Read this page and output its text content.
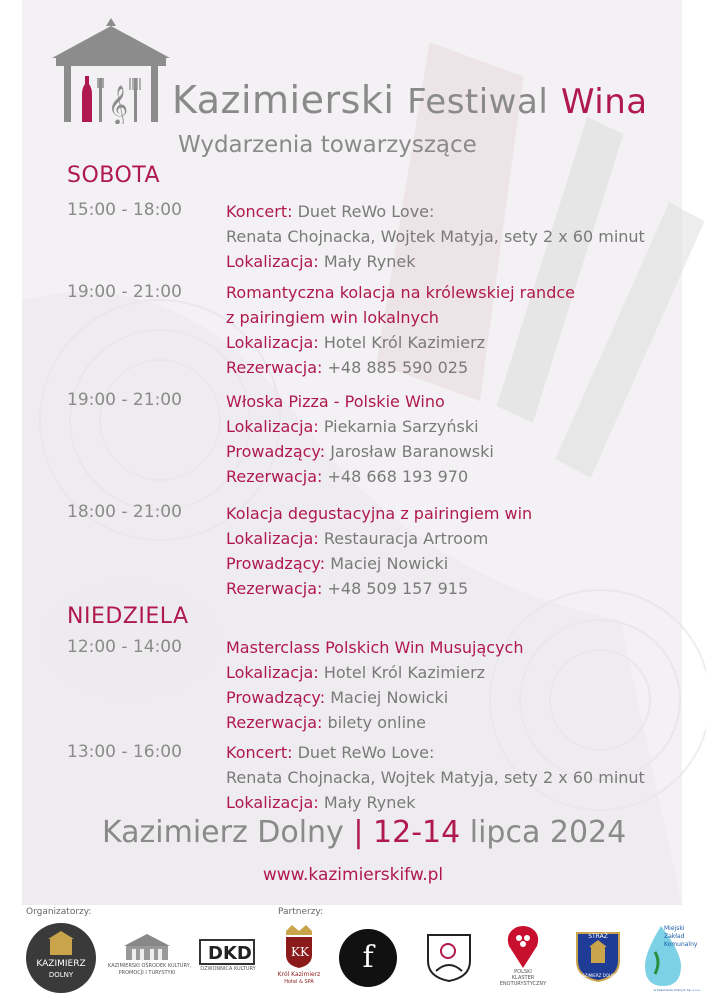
𝄞 Kazimierski Festiwal Wina
Wydarzenia towarzyszące
SOBOTA
15:00 - 18:00	Koncert: Duet ReWo Love:
Renata Chojnacka, Wojtek Matyja, sety 2 x 60 minut
Lokalizacja: Mały Rynek
19:00 - 21:00	Romantyczna kolacja na królewskiej randce
z pairingiem win lokalnych
Lokalizacja: Hotel Król Kazimierz
Rezerwacja: +48 885 590 025
19:00 - 21:00	Włoska Pizza - Polskie Wino
Lokalizacja: Piekarnia Sarzyński
Prowadzący: Jarosław Baranowski
Rezerwacja: +48 668 193 970
18:00 - 21:00	Kolacja degustacyjna z pairingiem win
Lokalizacja: Restauracja Artroom
Prowadzący: Maciej Nowicki
Rezerwacja: +48 509 157 915
NIEDZIELA
12:00 - 14:00	Masterclass Polskich Win Musujących
Lokalizacja: Hotel Król Kazimierz
Prowadzący: Maciej Nowicki
Rezerwacja: bilety online
13:00 - 16:00	Koncert: Duet ReWo Love:
Renata Chojnacka, Wojtek Matyja, sety 2 x 60 minut
Lokalizacja: Mały Rynek
Kazimierz Dolny | 12-14 lipca 2024
www.kazimierskifw.pl
Organizatorzy:	Partnerzy:
KAZIMIERZ
DOLNY
KAZIMIERSKI OŚRODEK KULTURY,
PROMOCJI I TURYSTYKI
DKD
DZWONNICA KULTURY
KK
Król Kazimierz
Hotel & SPA
f	POLSKI
KLASTER
ENOTURYSTYCZNY
STRAŻ
KAZIMIERZ DOLNY
Miejski
Zakład
Komunalny
w Kazimierzu Dolnym Sp. z o.o.
